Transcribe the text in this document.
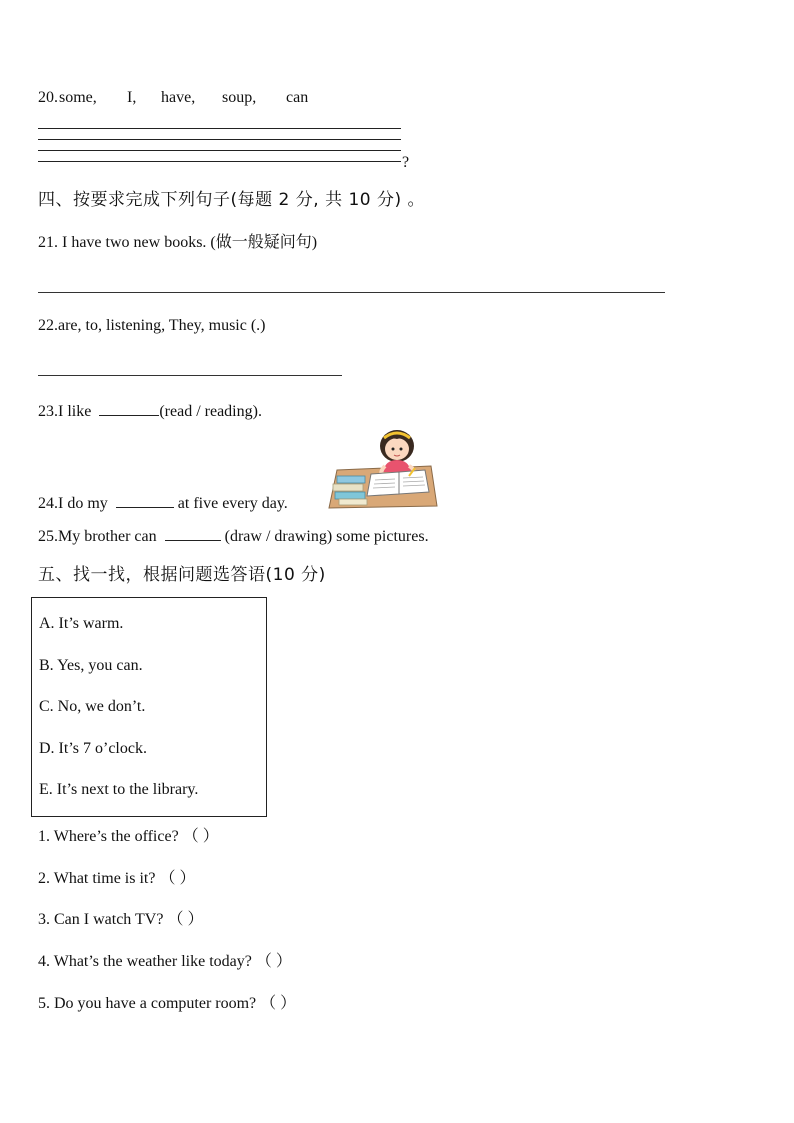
20. some, I, have, soup, can
?
四、按要求完成下列句子(每题 2 分, 共 10 分) 。
21. I have two new books. (做一般疑问句)
22.are, to, listening, They, music (.)
23.I like	(read / reading).
24.I do my	at five every day.
25.My brother can	(draw / drawing) some pictures.
五、找一找，根据问题选答语(10 分)
A. It’s warm.
B. Yes, you can.
C. No, we don’t.
D. It’s 7 o’clock.
E. It’s next to the library.
1. Where’s the office? （ ）
2. What time is it? （ ）
3. Can I watch TV? （ ）
4. What’s the weather like today? （ ）
5. Do you have a computer room? （ ）
